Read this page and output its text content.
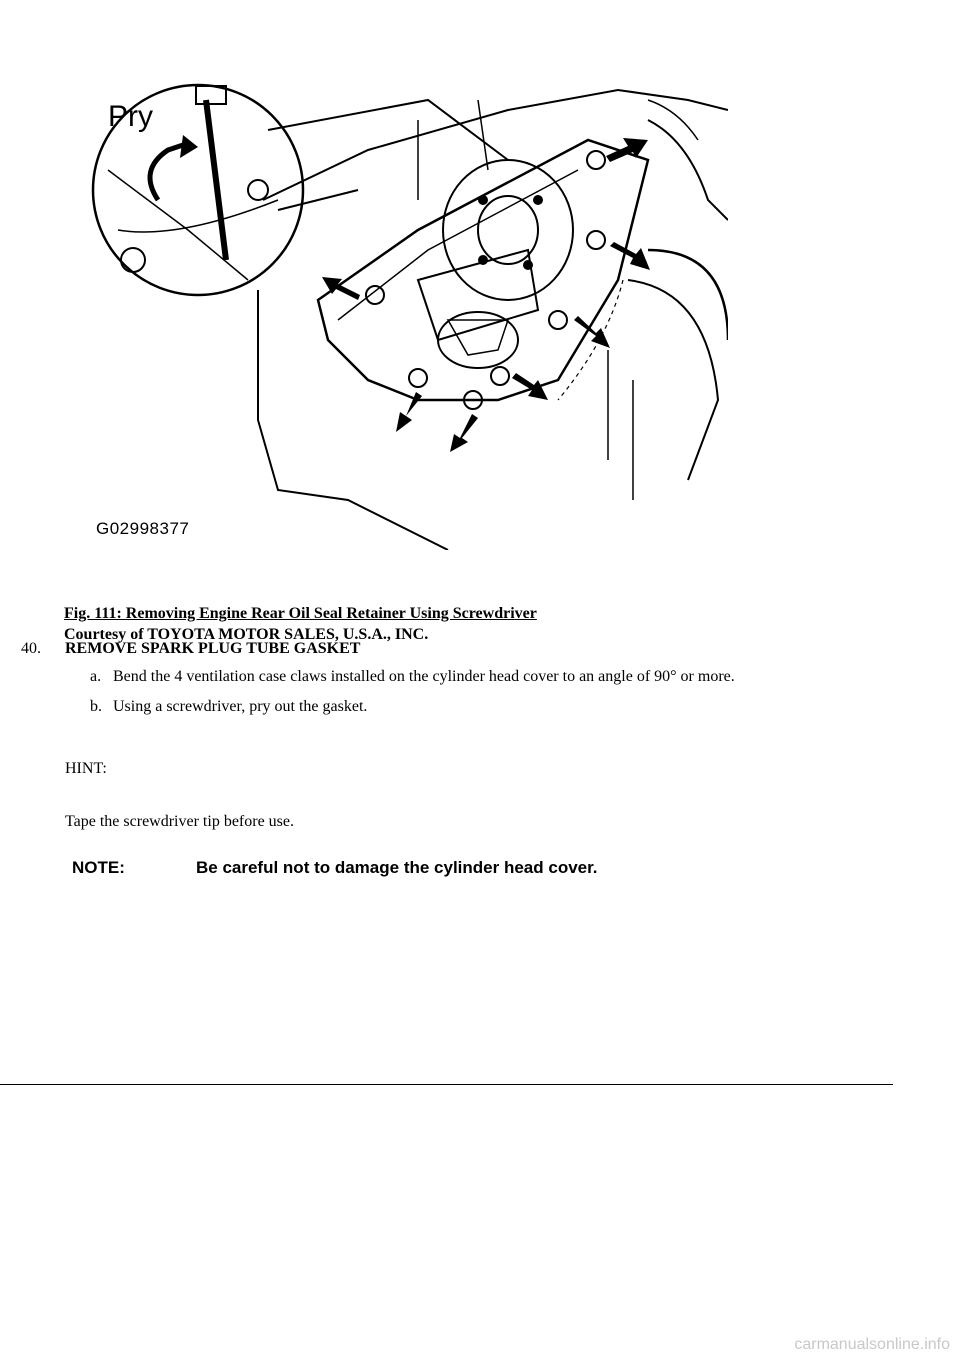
Pry
G02998377
Fig. 111: Removing Engine Rear Oil Seal Retainer Using Screwdriver
Courtesy of TOYOTA MOTOR SALES, U.S.A., INC.
40. REMOVE SPARK PLUG TUBE GASKET
a. Bend the 4 ventilation case claws installed on the cylinder head cover to an angle of 90° or more.
b. Using a screwdriver, pry out the gasket.
HINT:
Tape the screwdriver tip before use.
NOTE:	Be careful not to damage the cylinder head cover.
carmanualsonline.info
